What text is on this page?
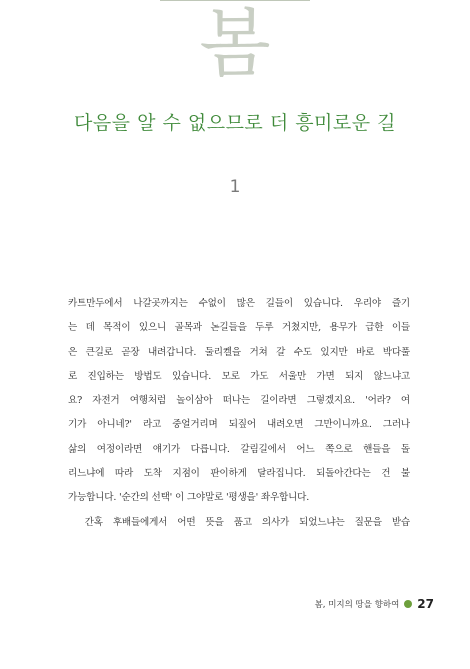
봄
다음을 알 수 없으므로 더 흥미로운 길
1
카트만두에서 나갈곳까지는 수없이 많은 길들이 있습니다. 우리야 즐기
는 데 목적이 있으니 골목과 논길들을 두루 거쳤지만, 용무가 급한 이들
은 큰길로 곧장 내려갑니다. 둘리켈을 거쳐 갈 수도 있지만 바로 박다풀
로 진입하는 방법도 있습니다. 모로 가도 서울만 가면 되지 않느냐고
요? 자전거 여행처럼 놀이삼아 떠나는 길이라면 그렇겠지요. '어라? 여
기가 아니네?' 라고 중얼거리며 되짚어 내려오면 그만이니까요. 그러나
삶의 여정이라면 얘기가 다릅니다. 갈림길에서 어느 쪽으로 핸들을 돌
리느냐에 따라 도착 지점이 판이하게 달라집니다. 되돌아간다는 건 불
가능합니다. '순간의 선택' 이 그야말로 '평생을' 좌우합니다.
　간혹 후배들에게서 어떤 뜻을 품고 의사가 되었느냐는 질문을 받습
봄, 미지의 땅을 향하여 27
